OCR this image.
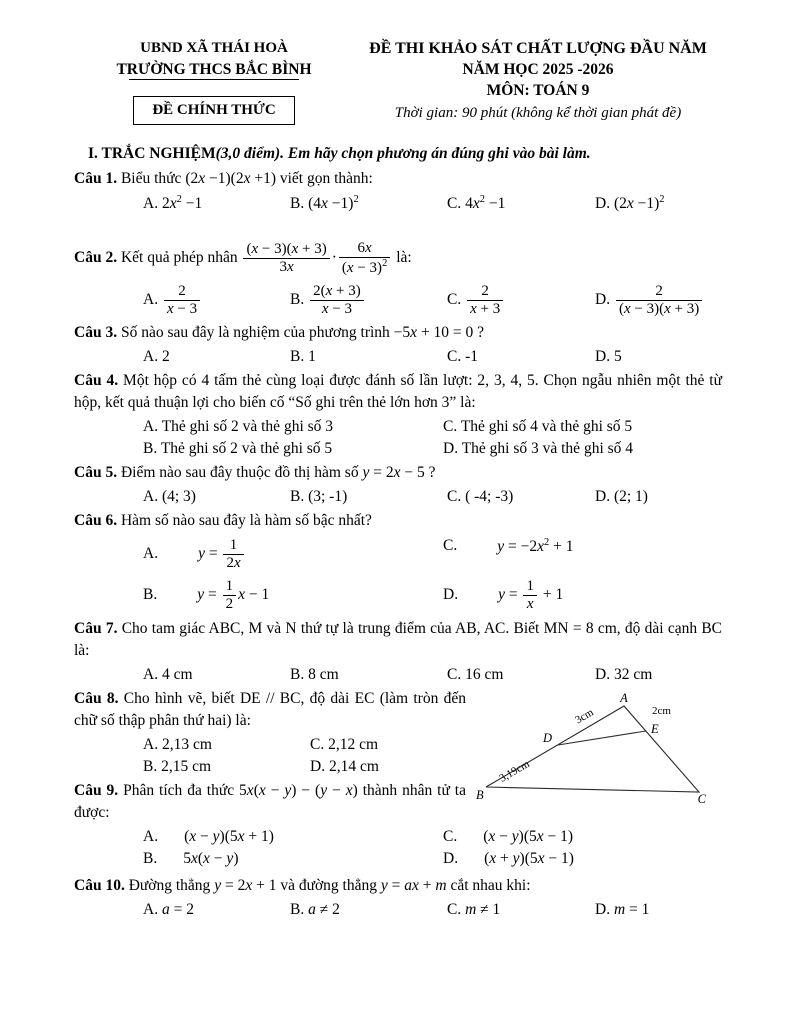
UBND XÃ THÁI HOÀ
TRƯỜNG THCS BẮC BÌNH
ĐỀ CHÍNH THỨC
ĐỀ THI KHẢO SÁT CHẤT LƯỢNG ĐẦU NĂM
NĂM HỌC 2025 -2026
MÔN: TOÁN 9
Thời gian: 90 phút (không kể thời gian phát đề)
I. TRẮC NGHIỆM(3,0 điểm). Em hãy chọn phương án đúng ghi vào bài làm.

Câu 1. Biểu thức (2x −1)(2x +1) viết gọn thành:

A. $2x^2 -1$	B. $(4x -1)^2$	C. $4x^2 -1$	D. $(2x -1)^2$

Câu 2. Kết quả phép nhân $\frac{(x - 3)(x + 3)}{3x} \cdot \frac{6x}{(x - 3)^2}$ là:

A. $\frac{2}{x - 3}$	B. $\frac{2(x + 3)}{x - 3}$	C. $\frac{2}{x + 3}$	D. $\frac{2}{(x - 3)(x + 3)}$

Câu 3. Số nào sau đây là nghiệm của phương trình −5x + 10 = 0 ?

A. 2	B. 1	C. -1	D. 5

Câu 4. Một hộp có 4 tấm thẻ cùng loại được đánh số lần lượt: 2, 3, 4, 5. Chọn ngẫu nhiên một thẻ từ hộp, kết quả thuận lợi cho biến cố “Số ghi trên thẻ lớn hơn 3” là:

A. Thẻ ghi số 2 và thẻ ghi số 3	C. Thẻ ghi số 4 và thẻ ghi số 5
B. Thẻ ghi số 2 và thẻ ghi số 5	D. Thẻ ghi số 3 và thẻ ghi số 4

Câu 5. Điểm nào sau đây thuộc đồ thị hàm số y = 2x − 5 ?

A. (4; 3)	B. (3; -1)	C. ( -4; -3)	D. (2; 1)

Câu 6. Hàm số nào sau đây là hàm số bậc nhất?

A.	$y = \frac{1}{2x}$	C.	$y = -2x^2 + 1$
B.	$y = \frac{1}{2}$ x − 1	D.	$y = \frac{1}{x} + 1$

Câu 7. Cho tam giác ABC, M và N thứ tự là trung điểm của AB, AC. Biết MN = 8 cm, độ dài cạnh BC là:

A. 4 cm	B. 8 cm	C. 16 cm	D. 32 cm
A
D
E
B	C
3cm	2cm
3,19cm

Câu 8. Cho hình vẽ, biết DE // BC, độ dài EC (làm tròn đến chữ số thập phân thứ hai) là:

A. 2,13 cm	C. 2,12 cm
B. 2,15 cm	D. 2,14 cm

Câu 9. Phân tích đa thức 5x(x − y) − (y − x) thành nhân tử ta được:

A. (x − y)(5x + 1)	C. (x − y)(5x − 1)
B. 5x(x − y)	D. (x + y)(5x − 1)

Câu 10. Đường thẳng y = 2x + 1 và đường thẳng y = ax + m cắt nhau khi:

A. a = 2	B. a ≠ 2	C. m ≠ 1	D. m = 1
